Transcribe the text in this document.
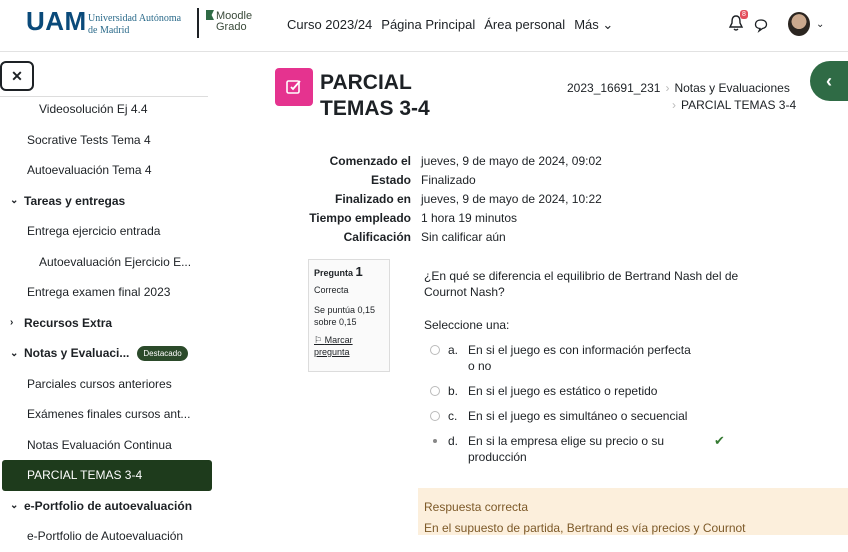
UAM Universidad Autónoma
de Madrid
Moodle
Grado	Curso 2023/24 Página Principal Área personal Más ⌄
8
⌄
✕
Videosolución Ej 4.4
Socrative Tests Tema 4
Autoevaluación Tema 4
⌄ Tareas y entregas
Entrega ejercicio entrada
Autoevaluación Ejercicio E...
Entrega examen final 2023
› Recursos Extra
⌄ Notas y Evaluaci...	Destacado
Parciales cursos anteriores
Exámenes finales cursos ant...
Notas Evaluación Continua
PARCIAL TEMAS 3-4
⌄ e-Portfolio de autoevaluación
e-Portfolio de Autoevaluación
PARCIAL TEMAS 3-4
2023_16691_231 › Notas y Evaluaciones
› PARCIAL TEMAS 3-4
‹
Comenzado el jueves, 9 de mayo de 2024, 09:02
Estado Finalizado
Finalizado en jueves, 9 de mayo de 2024, 10:22
Tiempo empleado 1 hora 19 minutos
Calificación Sin calificar aún
Pregunta 1
Correcta
Se puntúa 0,15 sobre 0,15
⚐ Marcar pregunta
¿En qué se diferencia el equilibrio de Bertrand Nash del de Cournot Nash?
Seleccione una:
a. En si el juego es con información perfecta o no
b. En si el juego es estático o repetido
c. En si el juego es simultáneo o secuencial
d. En si la empresa elige su precio o su producción
✔
Respuesta correcta
En el supuesto de partida, Bertrand es vía precios y Cournot
